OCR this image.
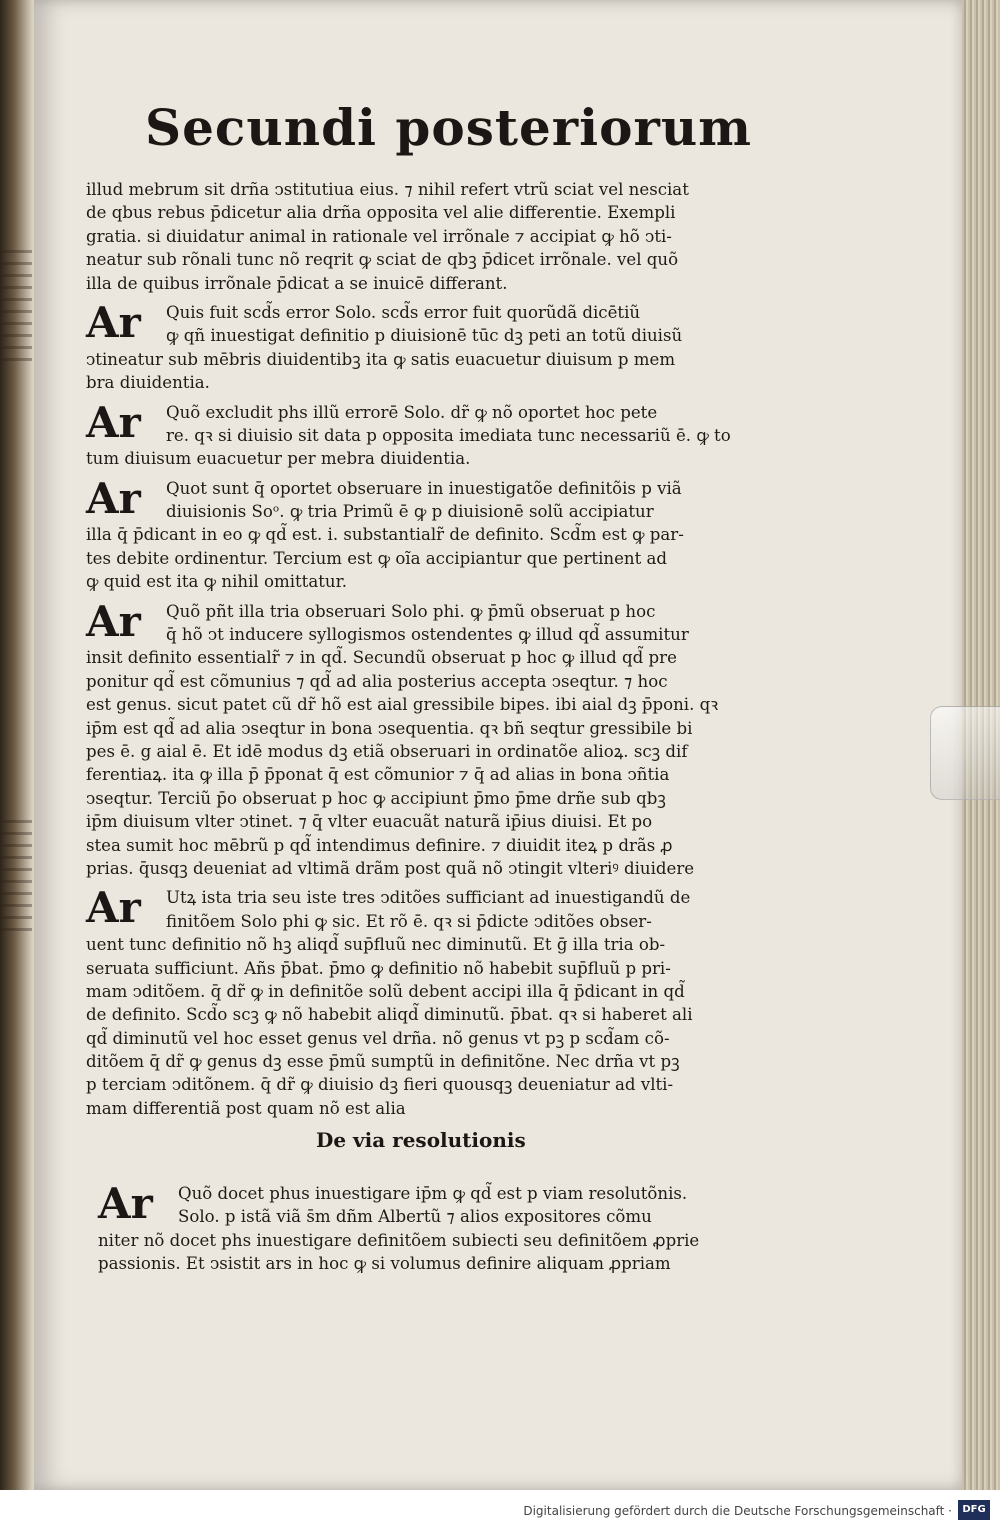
Secundi posteriorum
illud mebrum sit drña ↄstitutiua eius. ⁊ nihil refert vtrũ sciat vel nesciat
de qbus rebus p̄dicetur alia drña opposita vel alie differentie. Exempli
gratia. si diuidatur animal in rationale vel irrõnale ⁊ accipiat ꝙ hõ ↄti-
neatur sub rõnali tunc nõ reqrit ꝙ sciat de qbꝫ p̄dicet irrõnale. vel quõ
illa de quibus irrõnale p̄dicat a se inuicē differant.
Ar	Quis fuit scd̃s error Solo. scd̃s error fuit quorũdã dicētiũ
ꝙ qñ inuestigat definitio p diuisionē tūc dꝫ peti an totũ diuisũ
ↄtineatur sub mēbris diuidentibꝫ ita ꝙ satis euacuetur diuisum p mem
bra diuidentia.
Ar	Quõ excludit phs illũ errorē Solo. dr̃ ꝙ nõ oportet hoc pete
re. qꝛ si diuisio sit data p opposita imediata tunc necessariũ ē. ꝙ to
tum diuisum euacuetur per mebra diuidentia.
Ar	Quot sunt q̄ oportet obseruare in inuestigatõe definitõis p viã
diuisionis Soᵒ. ꝙ tria Primũ ē ꝙ p diuisionē solũ accipiatur
illa q̄ p̄dicant in eo ꝙ qd̃ est. i. substantialr̃ de definito. Scd̃m est ꝙ par-
tes debite ordinentur. Tercium est ꝙ oĩa accipiantur que pertinent ad
ꝙ quid est ita ꝙ nihil omittatur.
Ar	Quõ pñt illa tria obseruari Solo phi. ꝙ p̄mũ obseruat p hoc
q̄ hõ ↄt inducere syllogismos ostendentes ꝙ illud qd̃ assumitur
insit definito essentialr̃ ⁊ in qd̃. Secundũ obseruat p hoc ꝙ illud qd̃ pre
ponitur qd̃ est cõmunius ⁊ qd̃ ad alia posterius accepta ↄseqtur. ⁊ hoc
est genus. sicut patet cũ dr̃ hõ est aial gressibile bipes. ibi aial dꝫ p̄poni. qꝛ
ip̄m est qd̃ ad alia ↄseqtur in bona ↄsequentia. qꝛ bñ seqtur gressibile bi
pes ē. g aial ē. Et idē modus dꝫ etiã obseruari in ordinatõe alioꝝ. scꝫ dif
ferentiaꝝ. ita ꝙ illa p̄ p̄ponat q̄ est cõmunior ⁊ q̄ ad alias in bona ↄñtia
ↄseqtur. Terciũ p̄o obseruat p hoc ꝙ accipiunt p̄mo p̄me drñe sub qbꝫ
ip̄m diuisum vlter ↄtinet. ⁊ q̄ vlter euacuãt naturã ip̄ius diuisi. Et po
stea sumit hoc mēbrũ p qd̃ intendimus definire. ⁊ diuidit iteꝝ p drãs ꝓ
prias. q̄usqꝫ deueniat ad vltimã drãm post quã nõ ↄtingit vlteriꝰ diuidere
Ar	Utꝝ ista tria seu iste tres ↄditões sufficiant ad inuestigandũ de
finitõem Solo phi ꝙ sic. Et rõ ē. qꝛ si p̄dicte ↄditões obser-
uent tunc definitio nõ hꝫ aliqd̃ sup̄fluũ nec diminutũ. Et ḡ illa tria ob-
seruata sufficiunt. Añs p̄bat. p̄mo ꝙ definitio nõ habebit sup̄fluũ p pri-
mam ↄditõem. q̄ dr̃ ꝙ in definitõe solũ debent accipi illa q̄ p̄dicant in qd̃
de definito. Scd̃o scꝫ ꝙ nõ habebit aliqd̃ diminutũ. p̄bat. qꝛ si haberet ali
qd̃ diminutũ vel hoc esset genus vel drña. nõ genus vt pꝫ p scd̃am cõ-
ditõem q̄ dr̃ ꝙ genus dꝫ esse p̄mũ sumptũ in definitõne. Nec drña vt pꝫ
p terciam ↄditõnem. q̄ dr̃ ꝙ diuisio dꝫ fieri quousqꝫ deueniatur ad vlti-
mam differentiã post quam nõ est alia
De via resolutionis
Ar	Quõ docet phus inuestigare ip̄m ꝙ qd̃ est p viam resolutõnis.
Solo. p istã viã s̄m dñm Albertũ ⁊ alios expositores cõmu
niter nõ docet phs inuestigare definitõem subiecti seu definitõem ꝓprie
passionis. Et ↄsistit ars in hoc ꝙ si volumus definire aliquam ꝓpriam
Digitalisierung gefördert durch die Deutsche Forschungsgemeinschaft ·	DFG
